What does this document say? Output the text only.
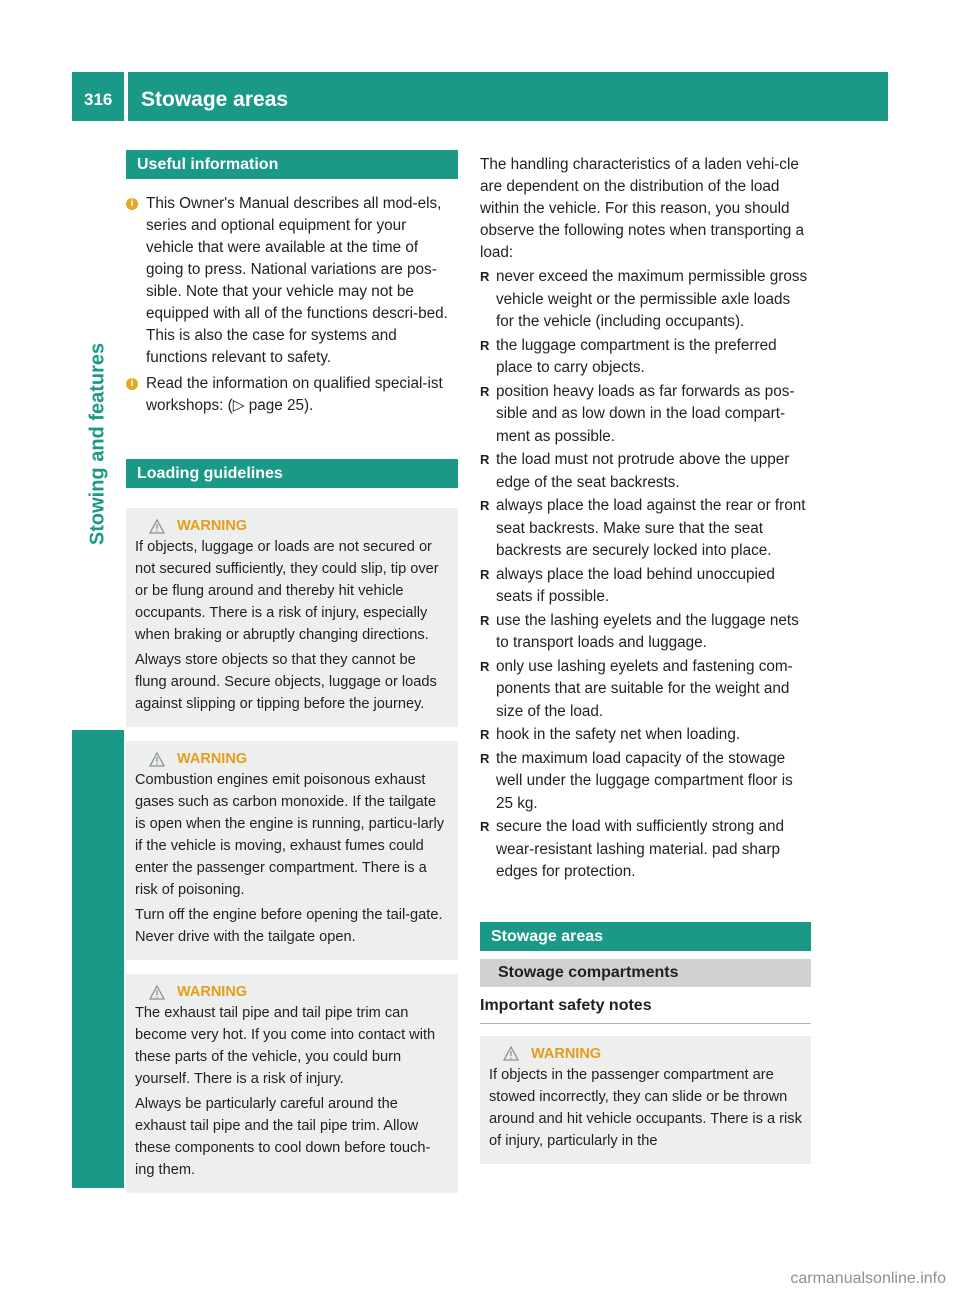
316 Stowage areas
Stowing and features
Useful information
i This Owner's Manual describes all mod-els, series and optional equipment for your vehicle that were available at the time of going to press. National variations are pos-sible. Note that your vehicle may not be equipped with all of the functions descri-bed. This is also the case for systems and functions relevant to safety.

i Read the information on qualified special-ist workshops: (▷ page 25).

Loading guidelines
WARNING

If objects, luggage or loads are not secured or not secured sufficiently, they could slip, tip over or be flung around and thereby hit vehicle occupants. There is a risk of injury, especially when braking or abruptly changing directions.

Always store objects so that they cannot be flung around. Secure objects, luggage or loads against slipping or tipping before the journey.

WARNING

Combustion engines emit poisonous exhaust gases such as carbon monoxide. If the tailgate is open when the engine is running, particu-larly if the vehicle is moving, exhaust fumes could enter the passenger compartment. There is a risk of poisoning.

Turn off the engine before opening the tail-gate. Never drive with the tailgate open.

WARNING

The exhaust tail pipe and tail pipe trim can become very hot. If you come into contact with these parts of the vehicle, you could burn yourself. There is a risk of injury.

Always be particularly careful around the exhaust tail pipe and the tail pipe trim. Allow these components to cool down before touch-ing them.

The handling characteristics of a laden vehi-cle are dependent on the distribution of the load within the vehicle. For this reason, you should observe the following notes when transporting a load:

R never exceed the maximum permissible gross vehicle weight or the permissible axle loads for the vehicle (including occupants).
R the luggage compartment is the preferred place to carry objects.
R position heavy loads as far forwards as pos-sible and as low down in the load compart-ment as possible.
R the load must not protrude above the upper edge of the seat backrests.
R always place the load against the rear or front seat backrests. Make sure that the seat backrests are securely locked into place.
R always place the load behind unoccupied seats if possible.
R use the lashing eyelets and the luggage nets to transport loads and luggage.
R only use lashing eyelets and fastening com-ponents that are suitable for the weight and size of the load.
R hook in the safety net when loading.
R the maximum load capacity of the stowage well under the luggage compartment floor is 25 kg.
R secure the load with sufficiently strong and wear-resistant lashing material. pad sharp edges for protection.
Stowage areas
Stowage compartments
Important safety notes
WARNING

If objects in the passenger compartment are stowed incorrectly, they can slide or be thrown around and hit vehicle occupants. There is a risk of injury, particularly in the

carmanualsonline.info
